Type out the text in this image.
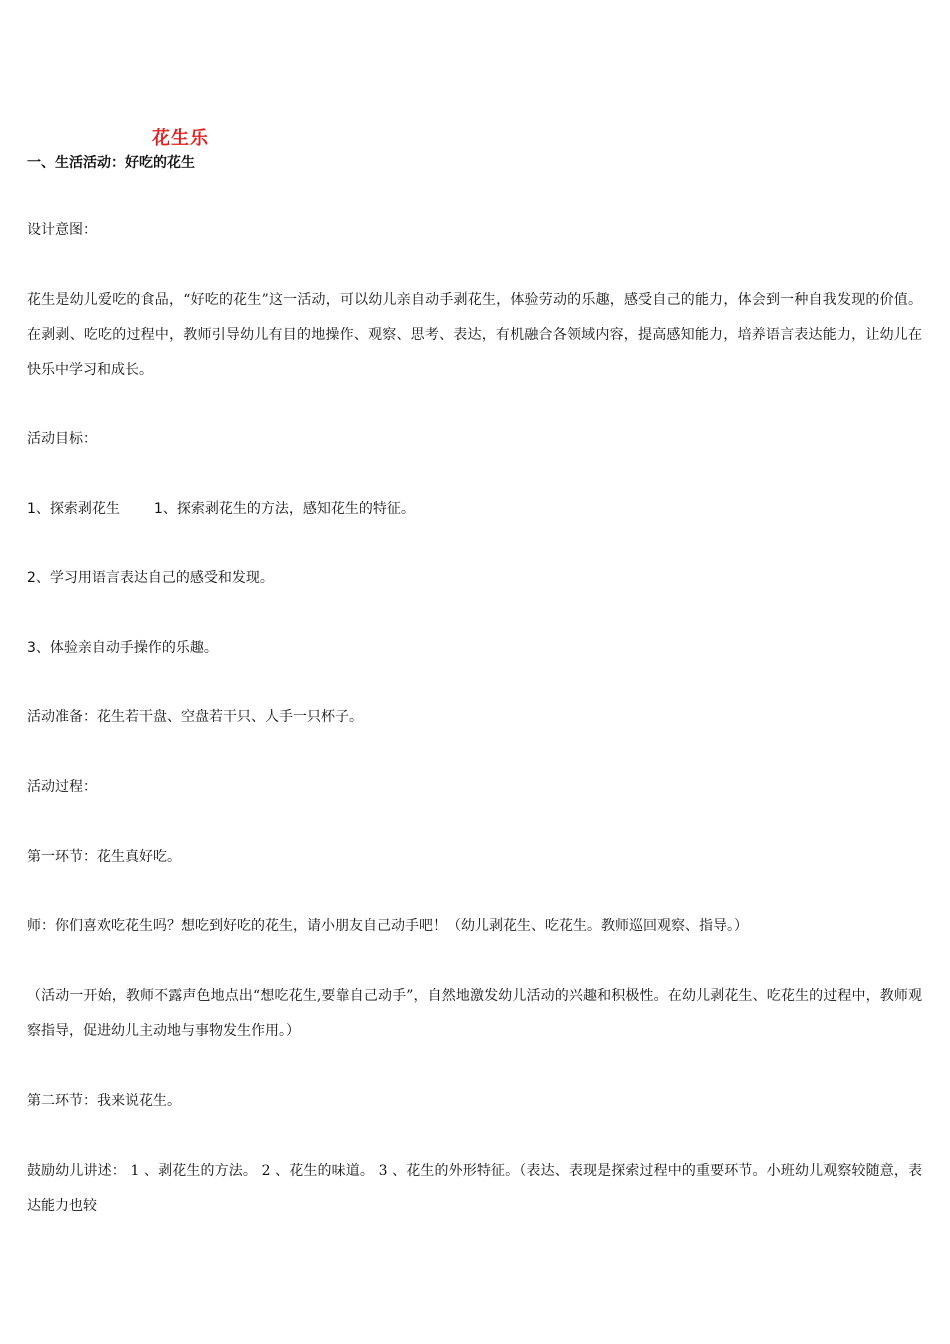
花生乐
一、生活活动：好吃的花生

设计意图：

花生是幼儿爱吃的食品，“好吃的花生”这一活动，可以幼儿亲自动手剥花生，体验劳动的乐趣，感受自己的能力，体会到一种自我发现的价值。在剥剥、吃吃的过程中，教师引导幼儿有目的地操作、观察、思考、表达，有机融合各领域内容，提高感知能力，培养语言表达能力，让幼儿在快乐中学习和成长。

活动目标：

1、探索剥花生 1、探索剥花生的方法，感知花生的特征。

2、学习用语言表达自己的感受和发现。

3、体验亲自动手操作的乐趣。

活动准备：花生若干盘、空盘若干只、人手一只杯子。

活动过程：

第一环节：花生真好吃。

师：你们喜欢吃花生吗？想吃到好吃的花生，请小朋友自己动手吧！（幼儿剥花生、吃花生。教师巡回观察、指导。）

（活动一开始，教师不露声色地点出“想吃花生,要靠自己动手”，自然地激发幼儿活动的兴趣和积极性。在幼儿剥花生、吃花生的过程中，教师观察指导，促进幼儿主动地与事物发生作用。）

第二环节：我来说花生。

鼓励幼儿讲述： 1 、剥花生的方法。 2 、花生的味道。 3 、花生的外形特征。（表达、表现是探索过程中的重要环节。小班幼儿观察较随意，表达能力也较
